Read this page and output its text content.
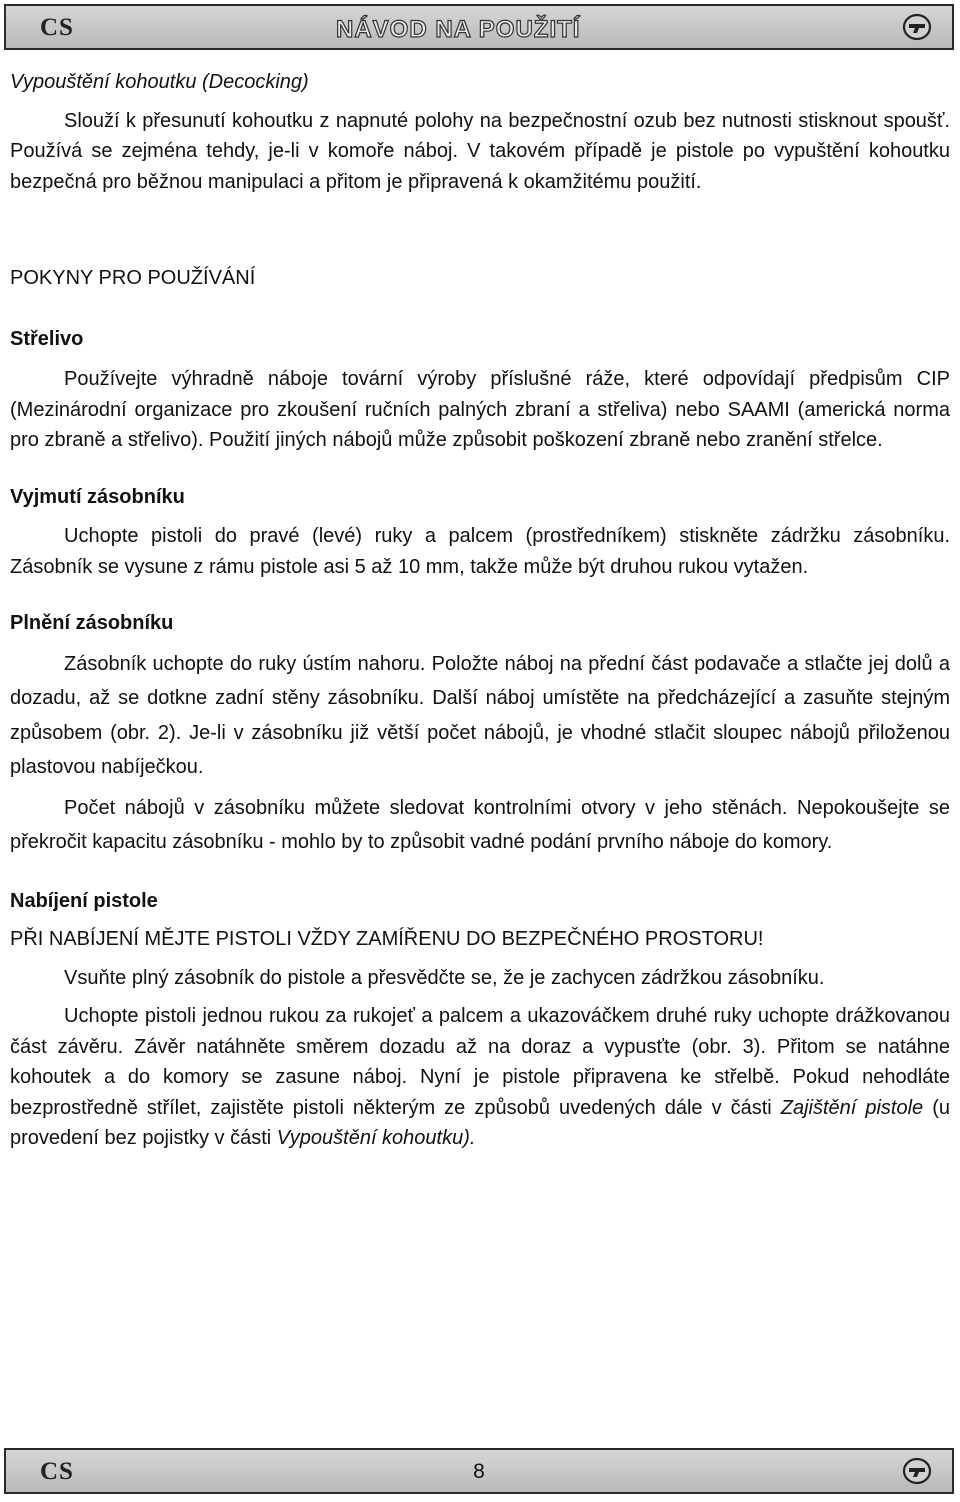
CS	NÁVOD NA POUŽITÍ

Vypouštění kohoutku (Decocking)

Slouží k přesunutí kohoutku z napnuté polohy na bezpečnostní ozub bez nutnosti stisknout spoušť. Používá se zejména tehdy, je-li v komoře náboj. V takovém případě je pistole po vypuštění kohoutku bezpečná pro běžnou manipulaci a přitom je připravená k okamžitému použití.

POKYNY PRO POUŽÍVÁNÍ

Střelivo

Používejte výhradně náboje tovární výroby příslušné ráže, které odpovídají předpisům CIP (Mezinárodní organizace pro zkoušení ručních palných zbraní a střeliva) nebo SAAMI (americká norma pro zbraně a střelivo). Použití jiných nábojů může způsobit poškození zbraně nebo zranění střelce.

Vyjmutí zásobníku

Uchopte pistoli do pravé (levé) ruky a palcem (prostředníkem) stiskněte zádržku zásobníku. Zásobník se vysune z rámu pistole asi 5 až 10 mm, takže může být druhou rukou vytažen.

Plnění zásobníku

Zásobník uchopte do ruky ústím nahoru. Položte náboj na přední část podavače a stlačte jej dolů a dozadu, až se dotkne zadní stěny zásobníku. Další náboj umístěte na předcházející a zasuňte stejným způsobem (obr. 2). Je-li v zásobníku již větší počet nábojů, je vhodné stlačit sloupec nábojů přiloženou plastovou nabíječkou.

Počet nábojů v zásobníku můžete sledovat kontrolními otvory v jeho stěnách. Nepokoušejte se překročit kapacitu zásobníku - mohlo by to způsobit vadné podání prvního náboje do komory.

Nabíjení pistole

PŘI NABÍJENÍ MĚJTE PISTOLI VŽDY ZAMÍŘENU DO BEZPEČNÉHO PROSTORU!

Vsuňte plný zásobník do pistole a přesvědčte se, že je zachycen zádržkou zásobníku.

Uchopte pistoli jednou rukou za rukojeť a palcem a ukazováčkem druhé ruky uchopte drážkovanou část závěru. Závěr natáhněte směrem dozadu až na doraz a vypusťte (obr. 3). Přitom se natáhne kohoutek a do komory se zasune náboj. Nyní je pistole připravena ke střelbě. Pokud nehodláte bezprostředně střílet, zajistěte pistoli některým ze způsobů uvedených dále v části Zajištění pistole (u provedení bez pojistky v části Vypouštění kohoutku).

CS	8
